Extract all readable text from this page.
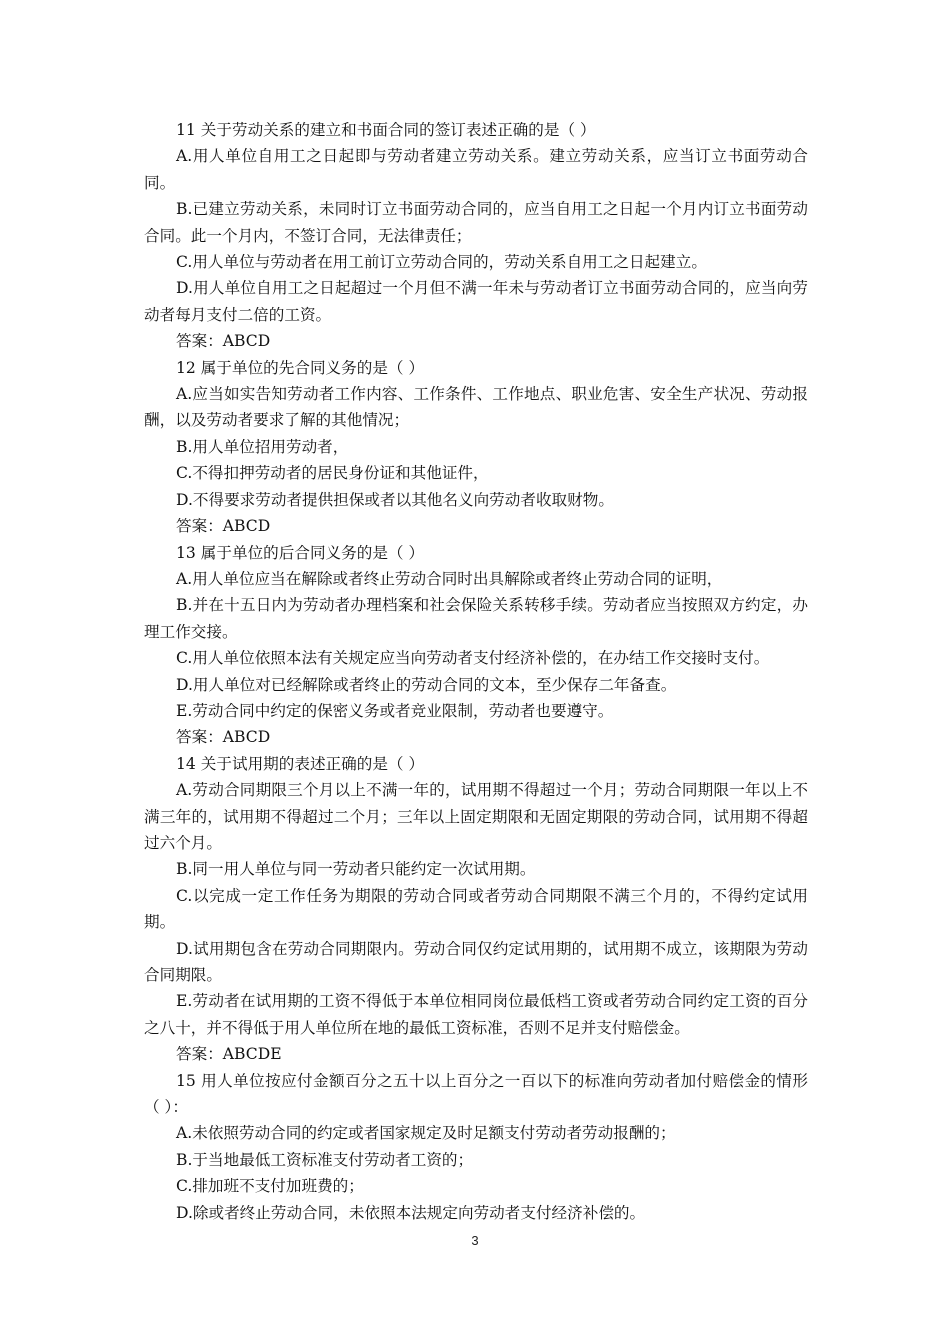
11 关于劳动关系的建立和书面合同的签订表述正确的是（ ）

A.用人单位自用工之日起即与劳动者建立劳动关系。建立劳动关系，应当订立书面劳动合同。

B.已建立劳动关系，未同时订立书面劳动合同的，应当自用工之日起一个月内订立书面劳动合同。此一个月内，不签订合同，无法律责任；

C.用人单位与劳动者在用工前订立劳动合同的，劳动关系自用工之日起建立。

D.用人单位自用工之日起超过一个月但不满一年未与劳动者订立书面劳动合同的，应当向劳动者每月支付二倍的工资。

答案：ABCD

12 属于单位的先合同义务的是（ ）

A.应当如实告知劳动者工作内容、工作条件、工作地点、职业危害、安全生产状况、劳动报酬，以及劳动者要求了解的其他情况；

B.用人单位招用劳动者，

C.不得扣押劳动者的居民身份证和其他证件，

D.不得要求劳动者提供担保或者以其他名义向劳动者收取财物。

答案：ABCD

13 属于单位的后合同义务的是（ ）

A.用人单位应当在解除或者终止劳动合同时出具解除或者终止劳动合同的证明，

B.并在十五日内为劳动者办理档案和社会保险关系转移手续。劳动者应当按照双方约定，办理工作交接。

C.用人单位依照本法有关规定应当向劳动者支付经济补偿的，在办结工作交接时支付。

D.用人单位对已经解除或者终止的劳动合同的文本，至少保存二年备查。

E.劳动合同中约定的保密义务或者竞业限制，劳动者也要遵守。

答案：ABCD

14 关于试用期的表述正确的是（ ）

A.劳动合同期限三个月以上不满一年的，试用期不得超过一个月；劳动合同期限一年以上不满三年的，试用期不得超过二个月；三年以上固定期限和无固定期限的劳动合同，试用期不得超过六个月。

B.同一用人单位与同一劳动者只能约定一次试用期。

C.以完成一定工作任务为期限的劳动合同或者劳动合同期限不满三个月的，不得约定试用期。

D.试用期包含在劳动合同期限内。劳动合同仅约定试用期的，试用期不成立，该期限为劳动合同期限。

E.劳动者在试用期的工资不得低于本单位相同岗位最低档工资或者劳动合同约定工资的百分之八十，并不得低于用人单位所在地的最低工资标准，否则不足并支付赔偿金。

答案：ABCDE

15 用人单位按应付金额百分之五十以上百分之一百以下的标准向劳动者加付赔偿金的情形（ ）：

A.未依照劳动合同的约定或者国家规定及时足额支付劳动者劳动报酬的；

B.于当地最低工资标准支付劳动者工资的；

C.排加班不支付加班费的；

D.除或者终止劳动合同，未依照本法规定向劳动者支付经济补偿的。

3
